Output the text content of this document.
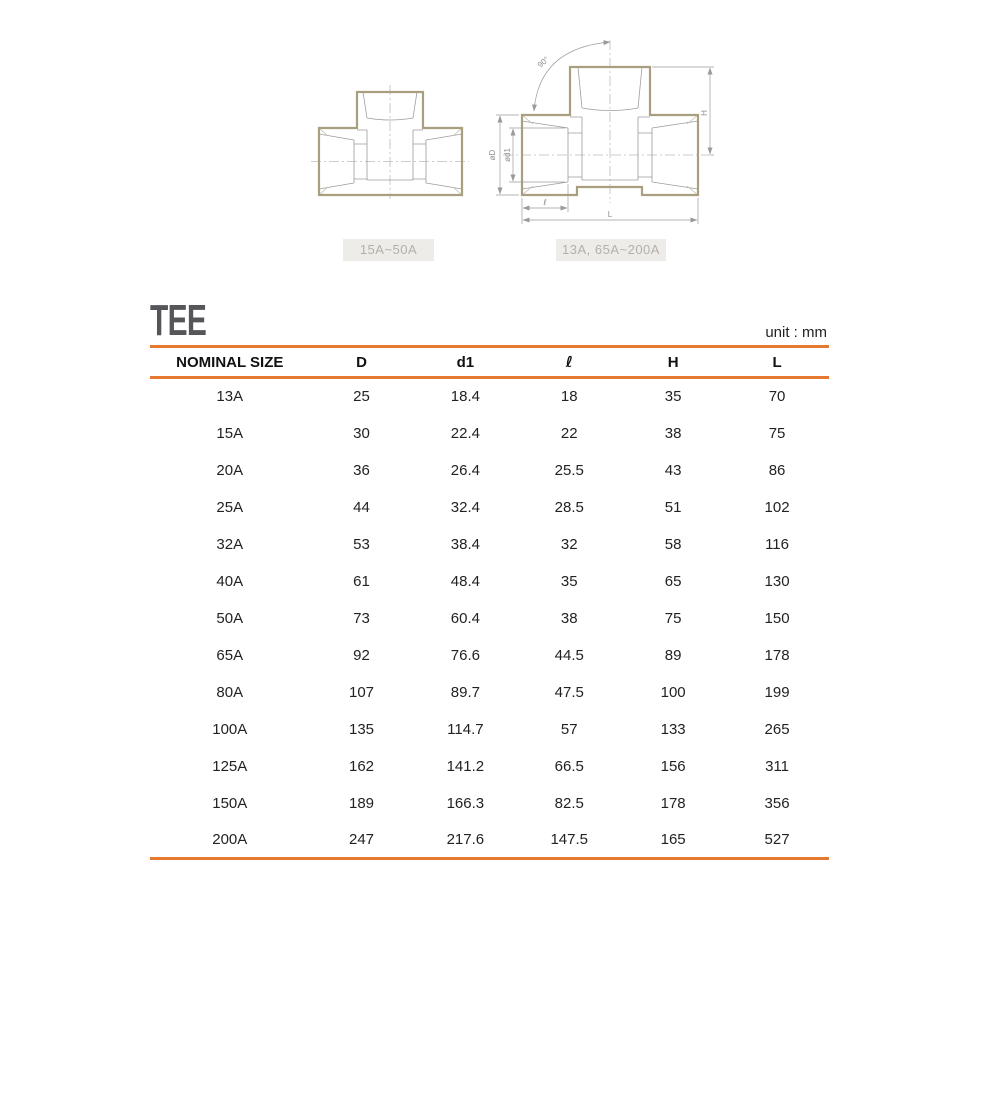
90°
øD ød1
H
ℓ
L
15A~50A	13A, 65A~200A
TEE	unit : mm
NOMINAL SIZE	D	d1	ℓ	H	L
13A	25	18.4	18	35	70
15A	30	22.4	22	38	75
20A	36	26.4	25.5	43	86
25A	44	32.4	28.5	51	102
32A	53	38.4	32	58	116
40A	61	48.4	35	65	130
50A	73	60.4	38	75	150
65A	92	76.6	44.5	89	178
80A	107	89.7	47.5	100	199
100A	135	114.7	57	133	265
125A	162	141.2	66.5	156	311
150A	189	166.3	82.5	178	356
200A	247	217.6	147.5	165	527
